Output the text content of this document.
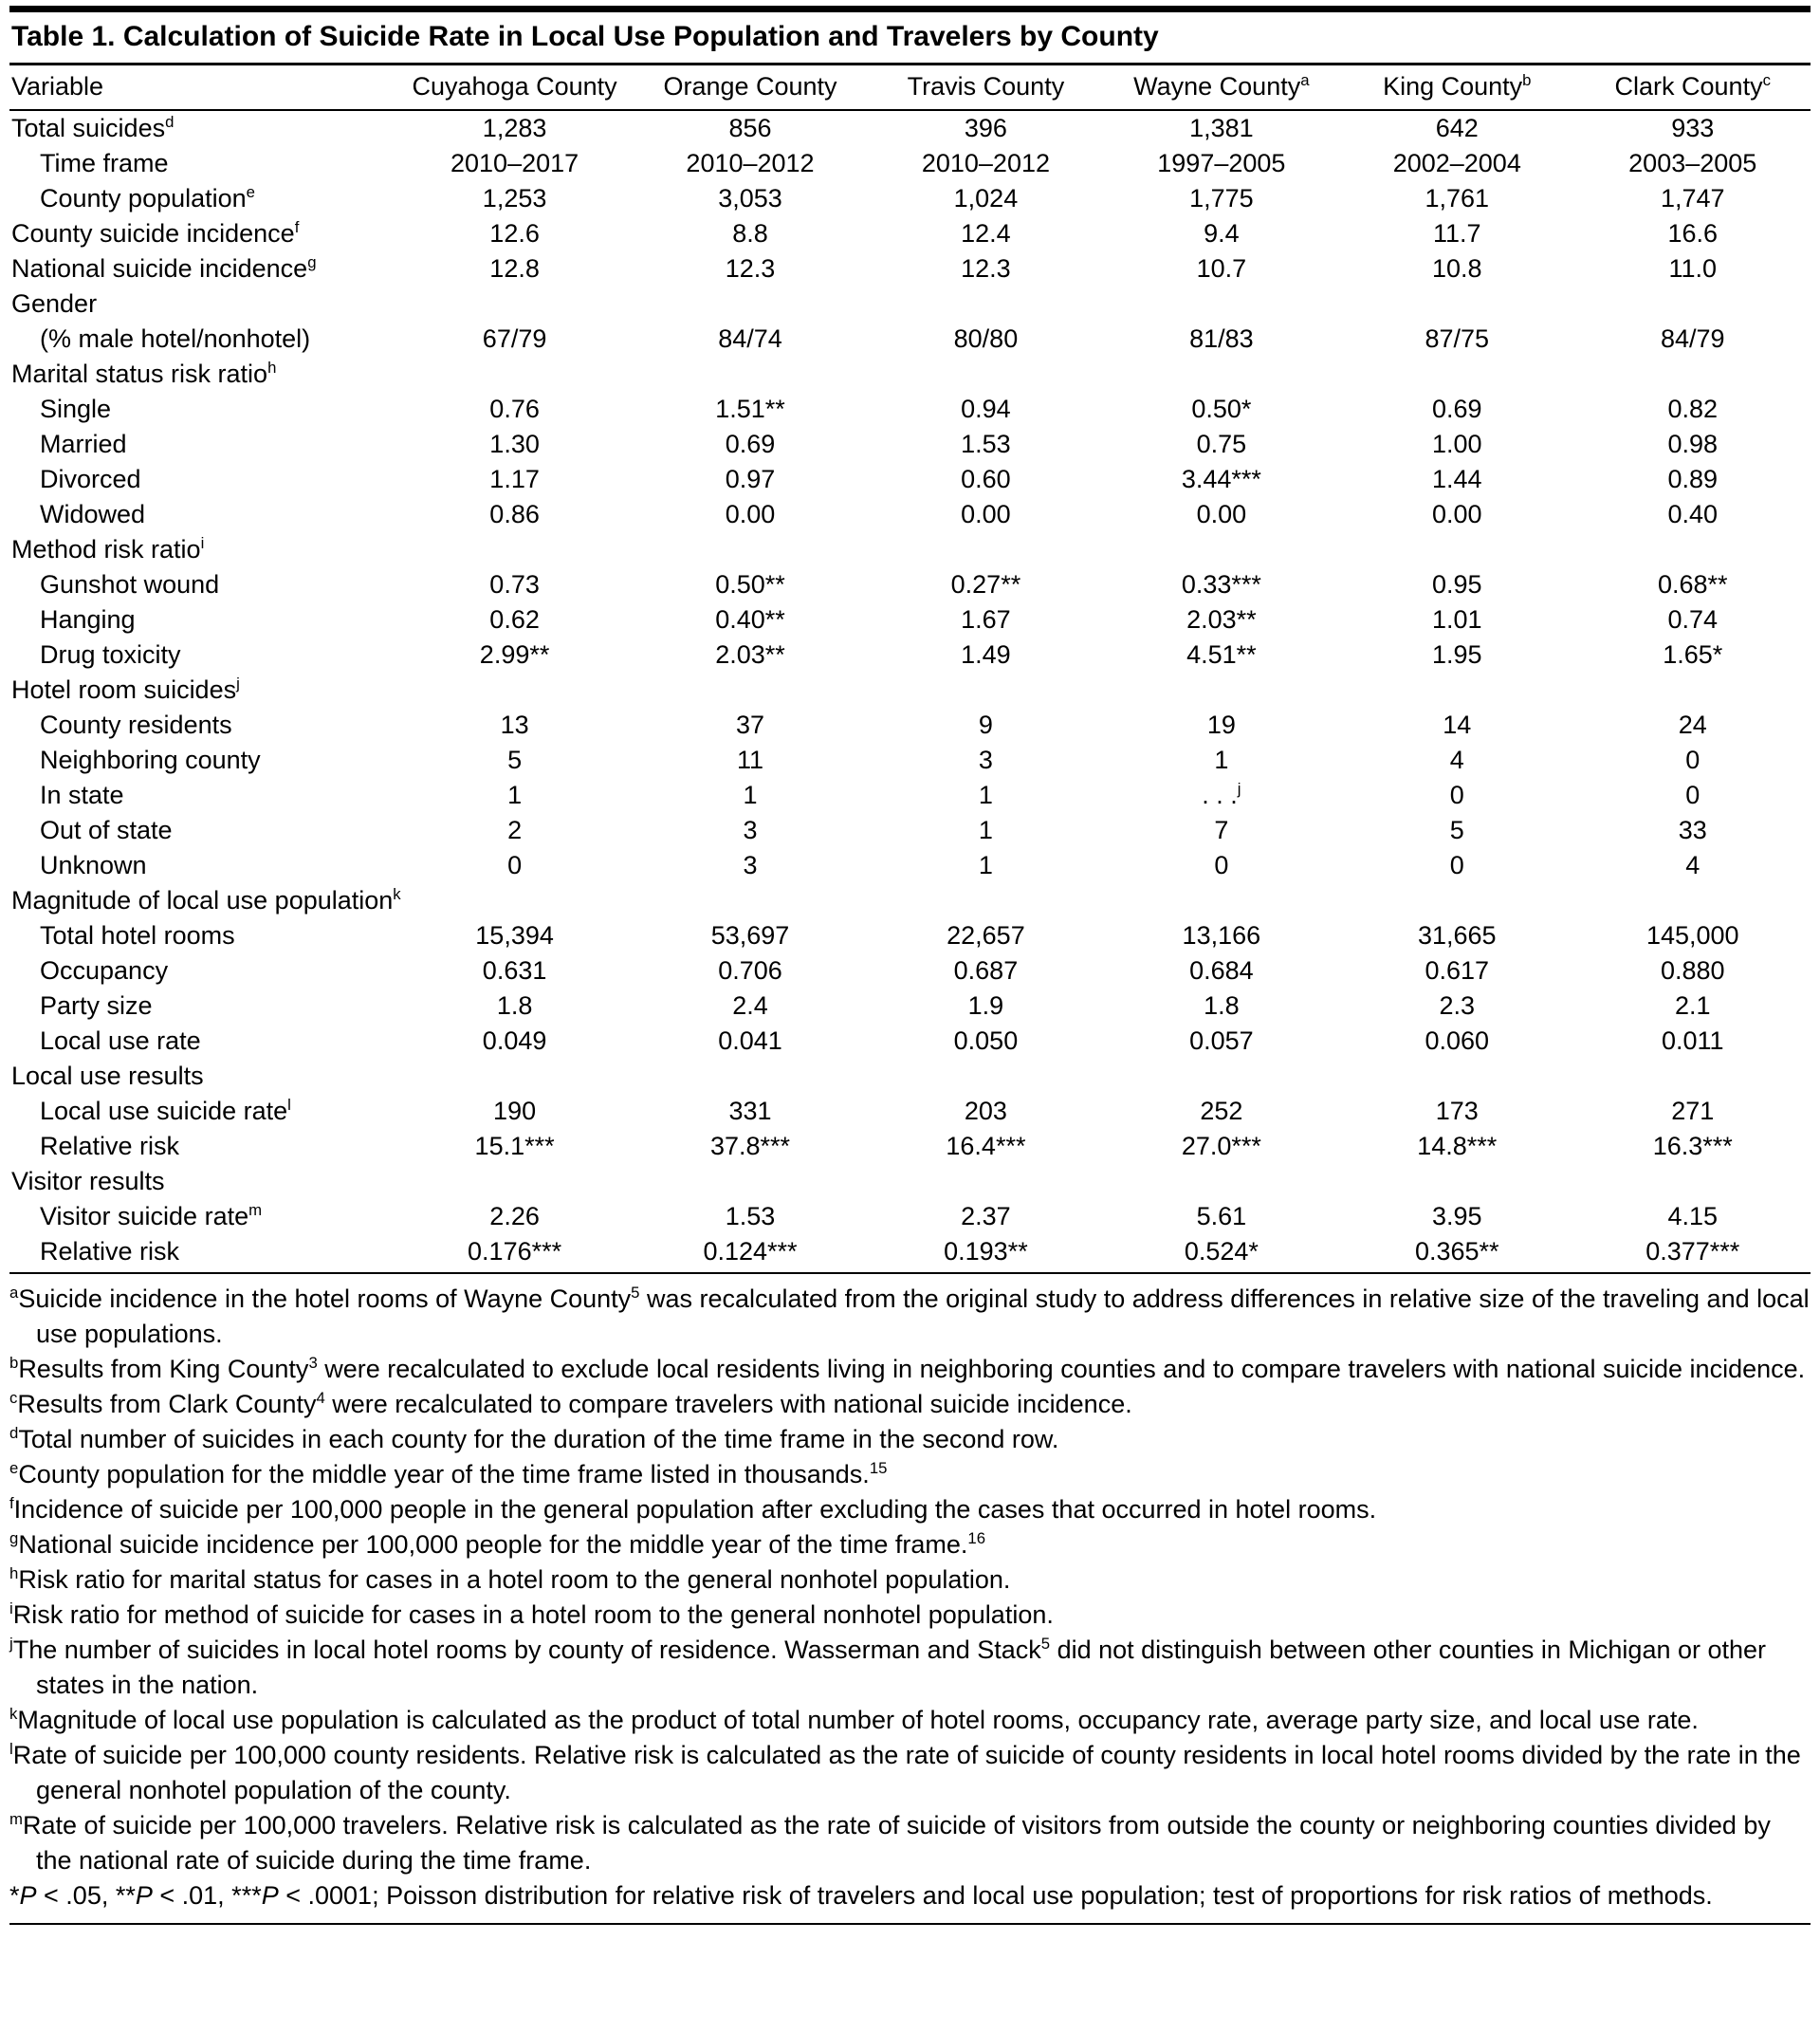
Table 1. Calculation of Suicide Rate in Local Use Population and Travelers by County
Variable	Cuyahoga County	Orange County	Travis County	Wayne County$^a$	King County$^b$	Clark County$^c$
Total suicides$^d$	1,283	856	396	1,381	642	933
Time frame	2010–2017	2010–2012	2010–2012	1997–2005	2002–2004	2003–2005
County population$^e$	1,253	3,053	1,024	1,775	1,761	1,747
County suicide incidence$^f$	12.6	8.8	12.4	9.4	11.7	16.6
National suicide incidence$^g$	12.8	12.3	12.3	10.7	10.8	11.0
Gender						
(% male hotel/nonhotel)	67/79	84/74	80/80	81/83	87/75	84/79
Marital status risk ratio$^h$						
Single	0.76	1.51**	0.94	0.50*	0.69	0.82
Married	1.30	0.69	1.53	0.75	1.00	0.98
Divorced	1.17	0.97	0.60	3.44***	1.44	0.89
Widowed	0.86	0.00	0.00	0.00	0.00	0.40
Method risk ratio$^i$						
Gunshot wound	0.73	0.50**	0.27**	0.33***	0.95	0.68**
Hanging	0.62	0.40**	1.67	2.03**	1.01	0.74
Drug toxicity	2.99**	2.03**	1.49	4.51**	1.95	1.65*
Hotel room suicides$^j$						
County residents	13	37	9	19	14	24
Neighboring county	5	11	3	1	4	0
In state	1	1	1	. . .$^j$	0	0
Out of state	2	3	1	7	5	33
Unknown	0	3	1	0	0	4
Magnitude of local use population$^k$						
Total hotel rooms	15,394	53,697	22,657	13,166	31,665	145,000
Occupancy	0.631	0.706	0.687	0.684	0.617	0.880
Party size	1.8	2.4	1.9	1.8	2.3	2.1
Local use rate	0.049	0.041	0.050	0.057	0.060	0.011
Local use results						
Local use suicide rate$^l$	190	331	203	252	173	271
Relative risk	15.1***	37.8***	16.4***	27.0***	14.8***	16.3***
Visitor results						
Visitor suicide rate$^m$	2.26	1.53	2.37	5.61	3.95	4.15
Relative risk	0.176***	0.124***	0.193**	0.524*	0.365**	0.377***

$^a$Suicide incidence in the hotel rooms of Wayne County$^5$ was recalculated from the original study to address differences in relative size of the traveling and local use populations.

$^b$Results from King County$^3$ were recalculated to exclude local residents living in neighboring counties and to compare travelers with national suicide incidence.

$^c$Results from Clark County$^4$ were recalculated to compare travelers with national suicide incidence.

$^d$Total number of suicides in each county for the duration of the time frame in the second row.

$^e$County population for the middle year of the time frame listed in thousands.$^{15}$

$^f$Incidence of suicide per 100,000 people in the general population after excluding the cases that occurred in hotel rooms.

$^g$National suicide incidence per 100,000 people for the middle year of the time frame.$^{16}$

$^h$Risk ratio for marital status for cases in a hotel room to the general nonhotel population.

$^i$Risk ratio for method of suicide for cases in a hotel room to the general nonhotel population.

$^j$The number of suicides in local hotel rooms by county of residence. Wasserman and Stack$^5$ did not distinguish between other counties in Michigan or other states in the nation.

$^k$Magnitude of local use population is calculated as the product of total number of hotel rooms, occupancy rate, average party size, and local use rate.

$^l$Rate of suicide per 100,000 county residents. Relative risk is calculated as the rate of suicide of county residents in local hotel rooms divided by the rate in the general nonhotel population of the county.

$^m$Rate of suicide per 100,000 travelers. Relative risk is calculated as the rate of suicide of visitors from outside the county or neighboring counties divided by the national rate of suicide during the time frame.

*P < .05, **P < .01, ***P < .0001; Poisson distribution for relative risk of travelers and local use population; test of proportions for risk ratios of methods.
